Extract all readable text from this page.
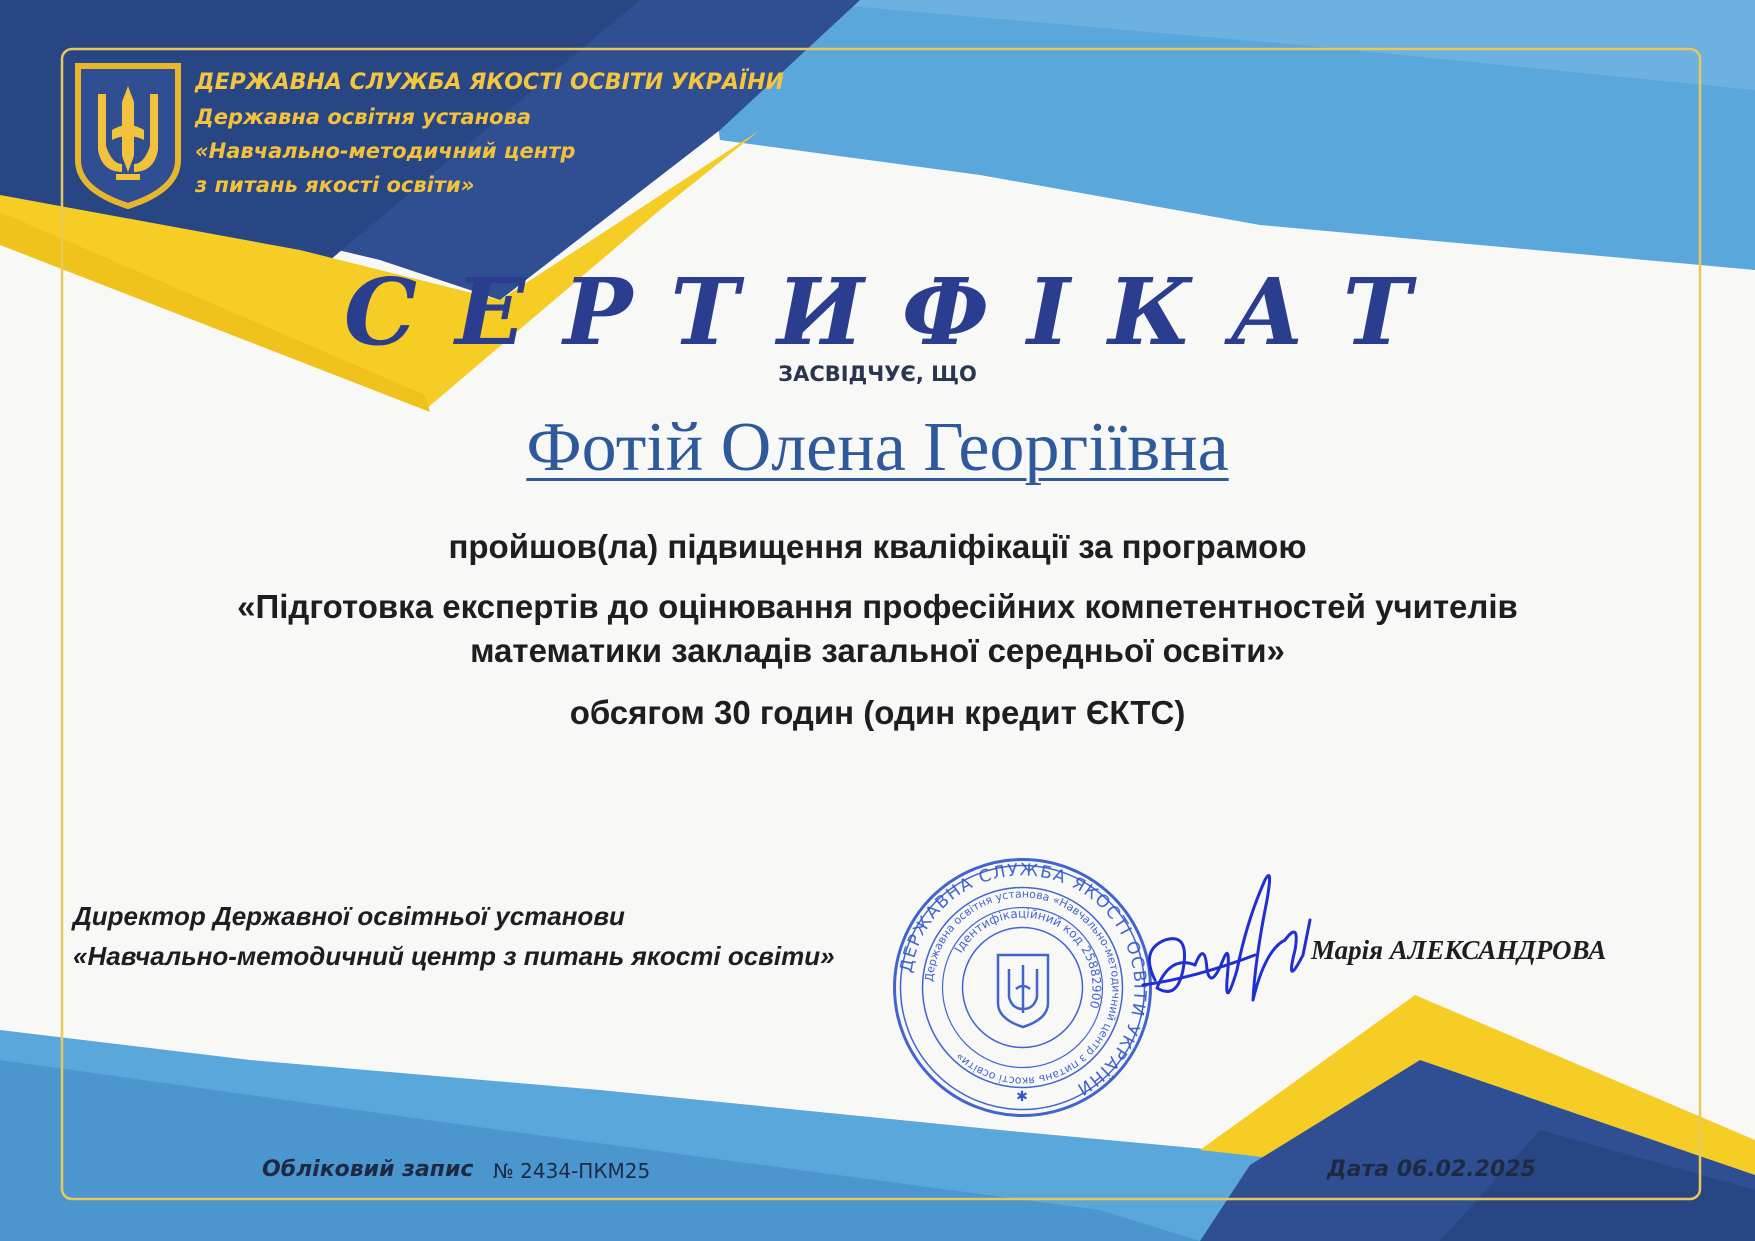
ДЕРЖАВНА СЛУЖБА ЯКОСТІ ОСВІТИ УКРАЇНИ
Державна освітня установа
«Навчально-методичний центр
з питань якості освіти»
СЕРТИФІКАТ
ЗАСВІДЧУЄ, ЩО
Фотій Олена Георгіївна
пройшов(ла) підвищення кваліфікації за програмою
«Підготовка експертів до оцінювання професійних компетентностей учителів
математики закладів загальної середньої освіти»
обсягом 30 годин (один кредит ЄКТС)
Директор Державної освітньої установи
«Навчально-методичний центр з питань якості освіти»	ДЕРЖАВНА СЛУЖБА ЯКОСТІ ОСВІТИ УКРАЇНИ
Державна освітня установа «Навчально-методичний центр з питань якості освіти»
Ідентифікаційний код 25882900
✱
Марія АЛЕКСАНДРОВА
Обліковий запис № 2434-ПКМ25	Дата 06.02.2025
